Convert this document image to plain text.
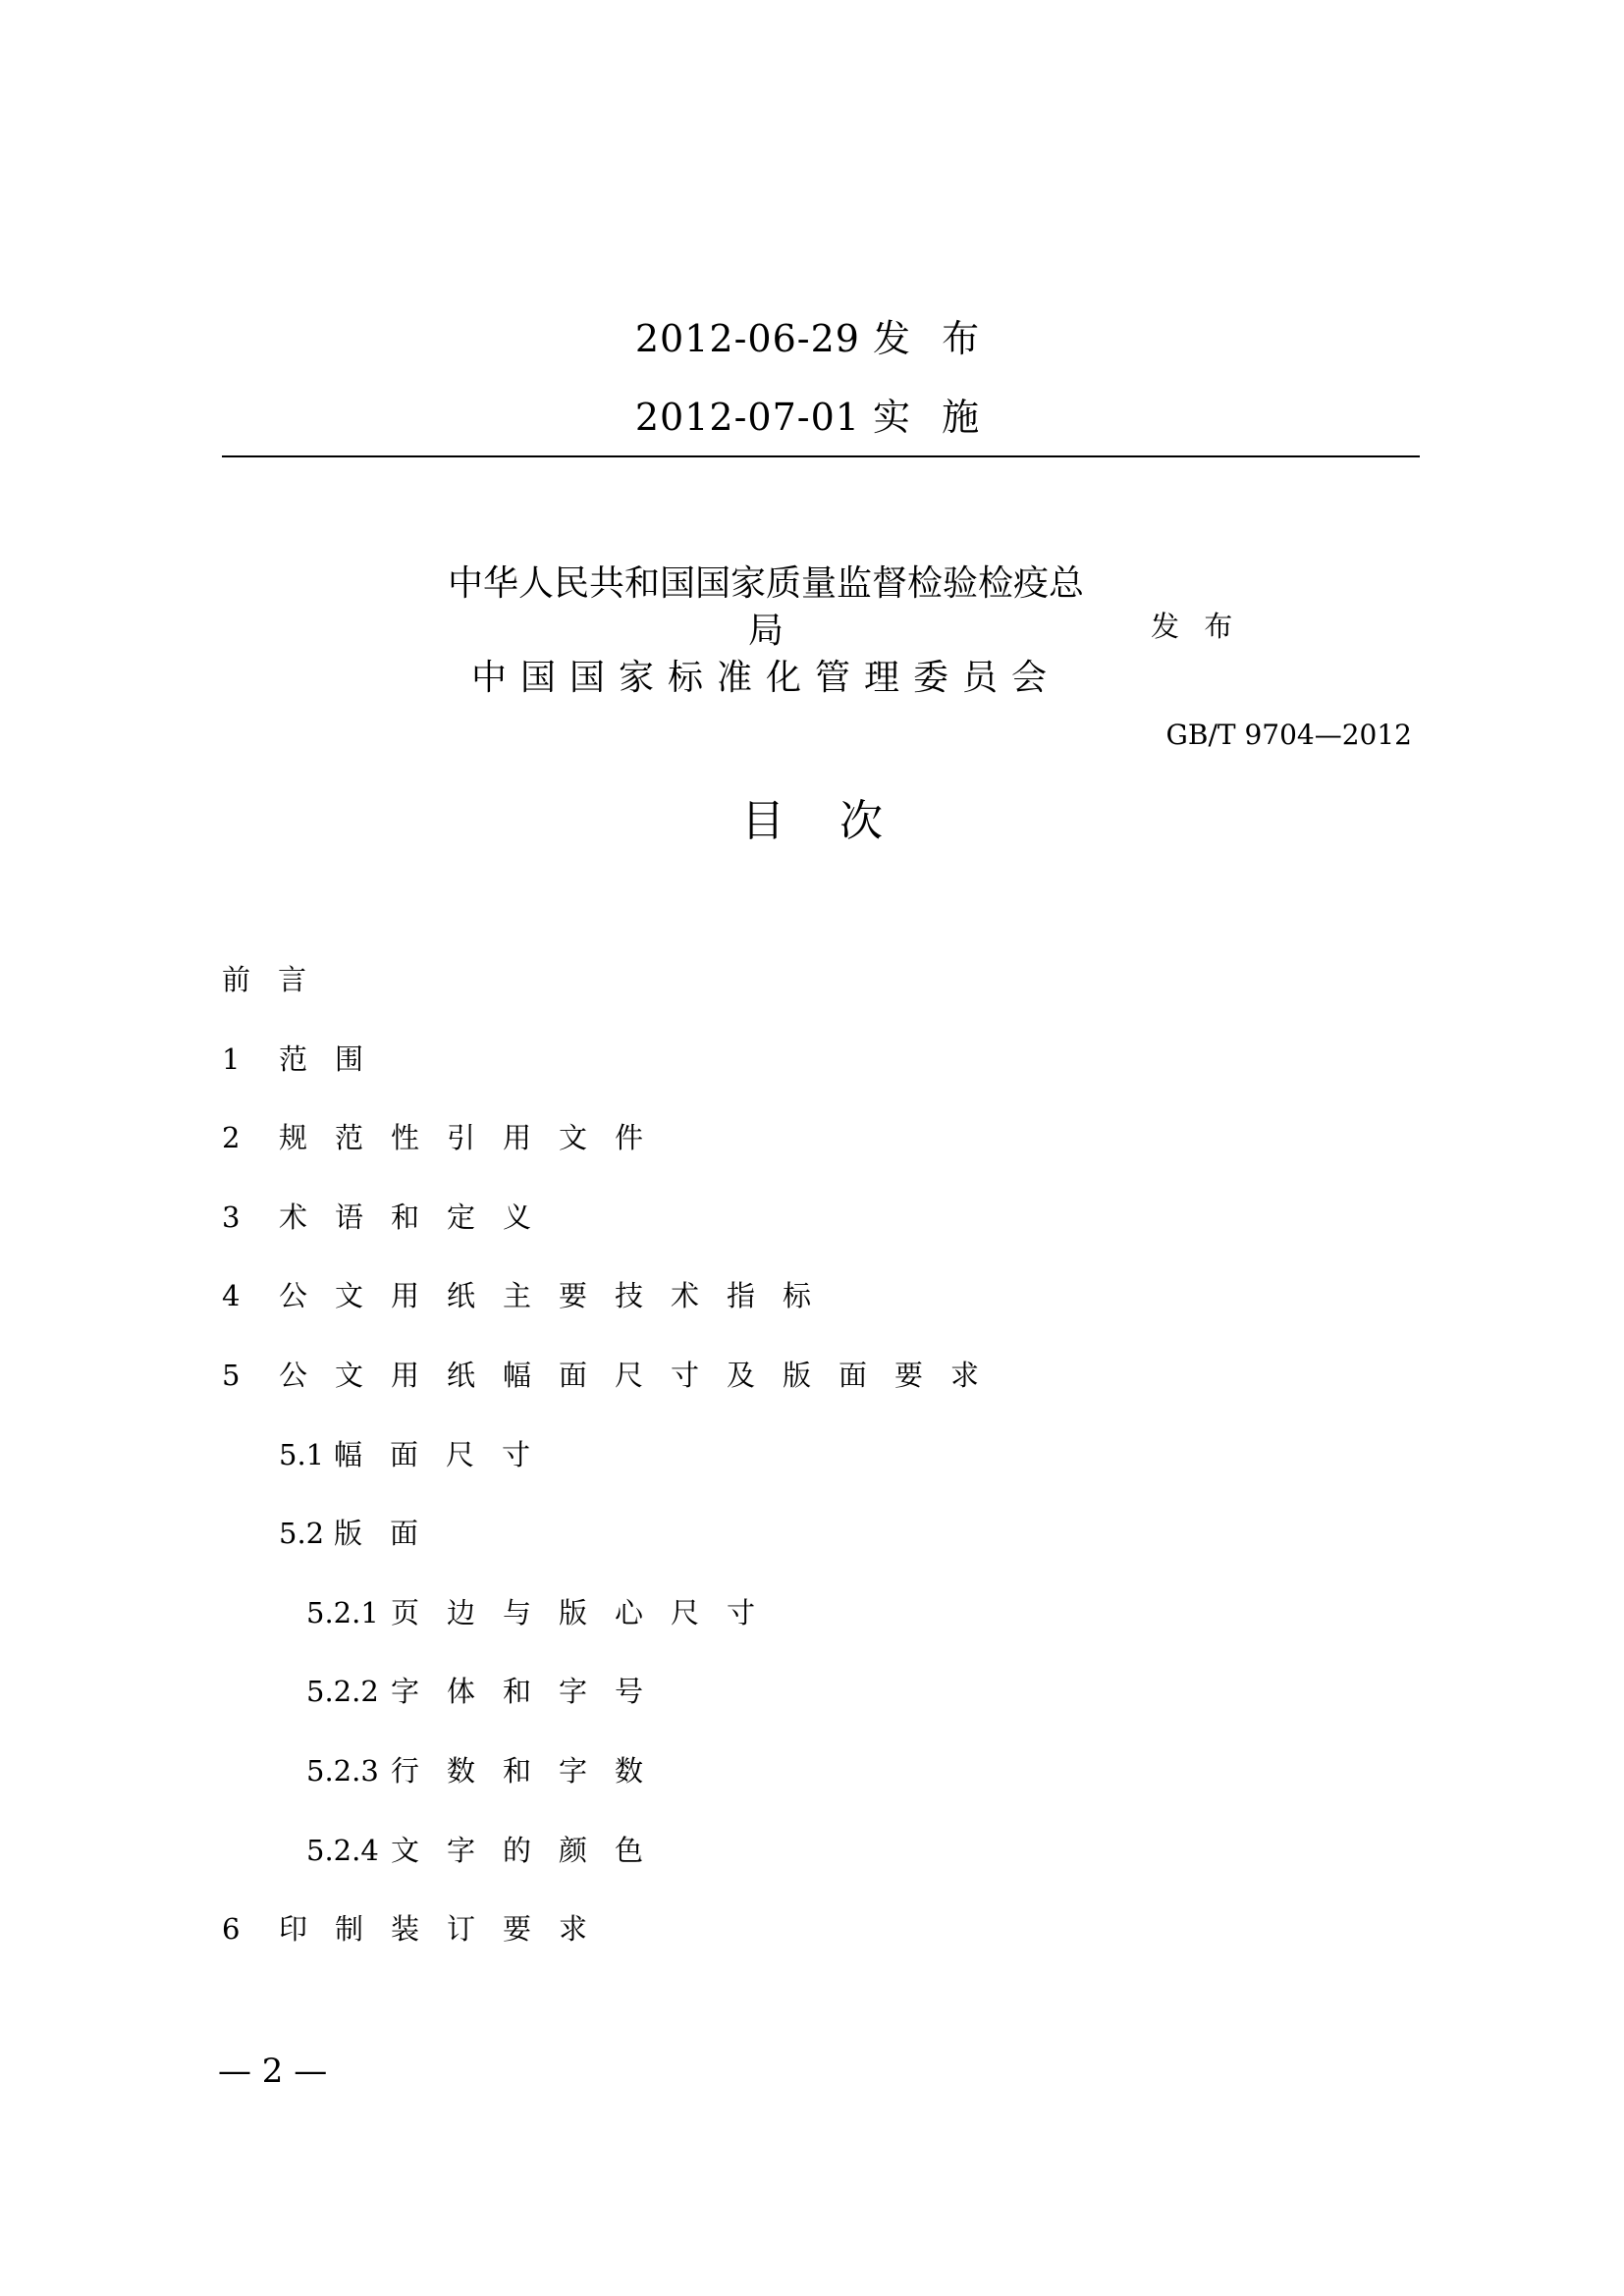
2012-06-29 发 布
2012-07-01 实 施
中华人民共和国国家质量监督检验检疫总
局
中国国家标准化管理委员会
发 布
GB/T 9704—2012
目次
前言
1	范围
2	规范性引用文件
3	术语和定义
4	公文用纸主要技术指标
5	公文用纸幅面尺寸及版面要求
5.1 幅面尺寸
5.2 版面
5.2.1 页边与版心尺寸
5.2.2 字体和字号
5.2.3 行数和字数
5.2.4 文字的颜色
6	印制装订要求
— 2 —
